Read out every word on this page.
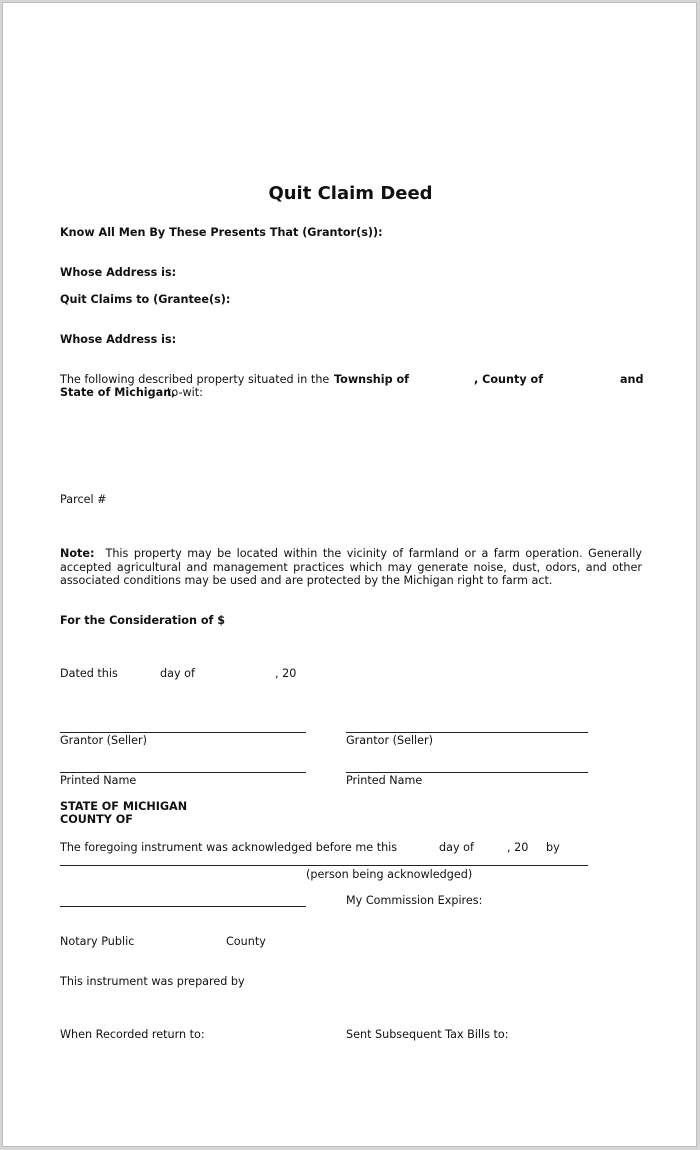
Quit Claim Deed
Know All Men By These Presents That (Grantor(s)):
Whose Address is:
Quit Claims to (Grantee(s):
Whose Address is:
The following described property situated in the Township of	, County of	and
State of Michigan,
to-wit:
Parcel #
Note: This property may be located within the vicinity of farmland or a farm operation. Generally accepted agricultural and management practices which may generate noise, dust, odors, and other associated conditions may be used and are protected by the Michigan right to farm act.
For the Consideration of $
Dated this	day of	, 20
Grantor (Seller)	Grantor (Seller)
Printed Name	Printed Name
STATE OF MICHIGAN
COUNTY OF
The foregoing instrument was acknowledged before me this	day of	, 20 by
(person being acknowledged)
My Commission Expires:
Notary Public	County
This instrument was prepared by
When Recorded return to:	Sent Subsequent Tax Bills to:
